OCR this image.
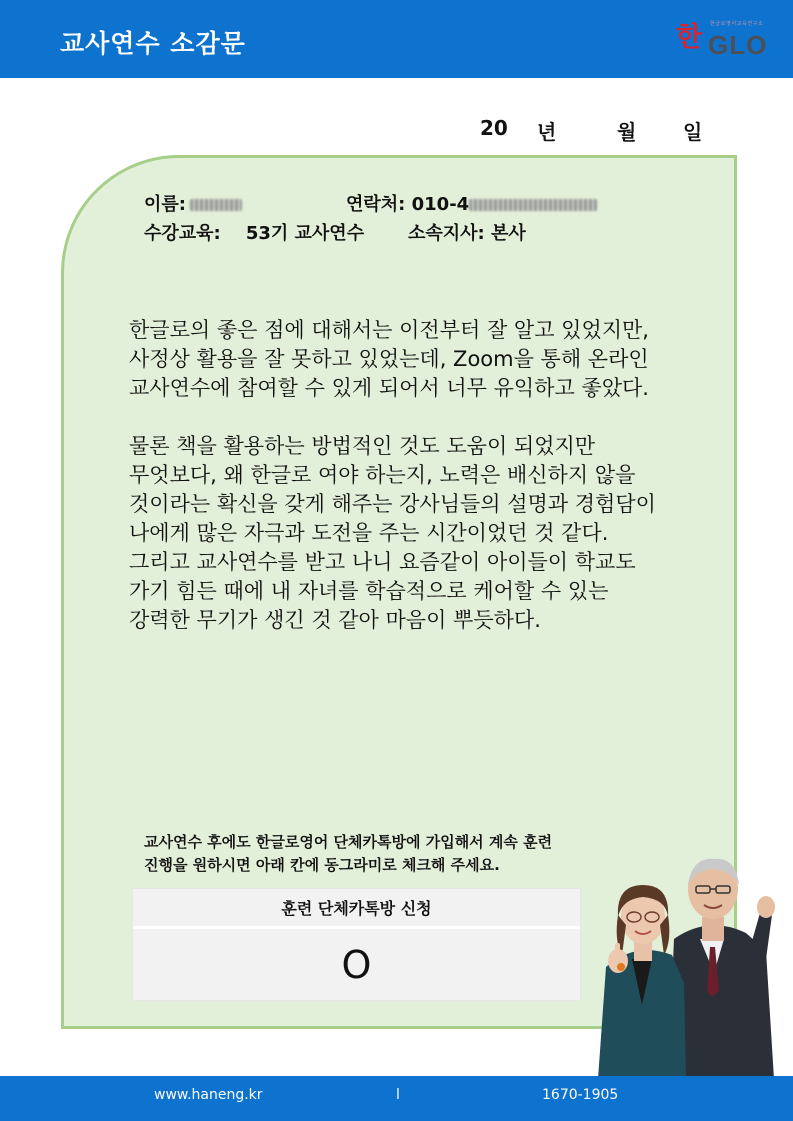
교사연수 소감문	한 한글로영어교육연구소
GLO
20 년	월 일
이름:	연락처: 010-4
수강교육: 53기 교사연수 소속지사: 본사

한글로의 좋은 점에 대해서는 이전부터 잘 알고 있었지만,
사정상 활용을 잘 못하고 있었는데, Zoom을 통해 온라인
교사연수에 참여할 수 있게 되어서 너무 유익하고 좋았다.

물론 책을 활용하는 방법적인 것도 도움이 되었지만
무엇보다, 왜 한글로 여야 하는지, 노력은 배신하지 않을
것이라는 확신을 갖게 해주는 강사님들의 설명과 경험담이
나에게 많은 자극과 도전을 주는 시간이었던 것 같다.
그리고 교사연수를 받고 나니 요즘같이 아이들이 학교도
가기 힘든 때에 내 자녀를 학습적으로 케어할 수 있는
강력한 무기가 생긴 것 같아 마음이 뿌듯하다.

교사연수 후에도 한글로영어 단체카톡방에 가입해서 계속 훈련
진행을 원하시면 아래 칸에 동그라미로 체크해 주세요.
훈련 단체카톡방 신청
O
www.haneng.kr	l	1670-1905
